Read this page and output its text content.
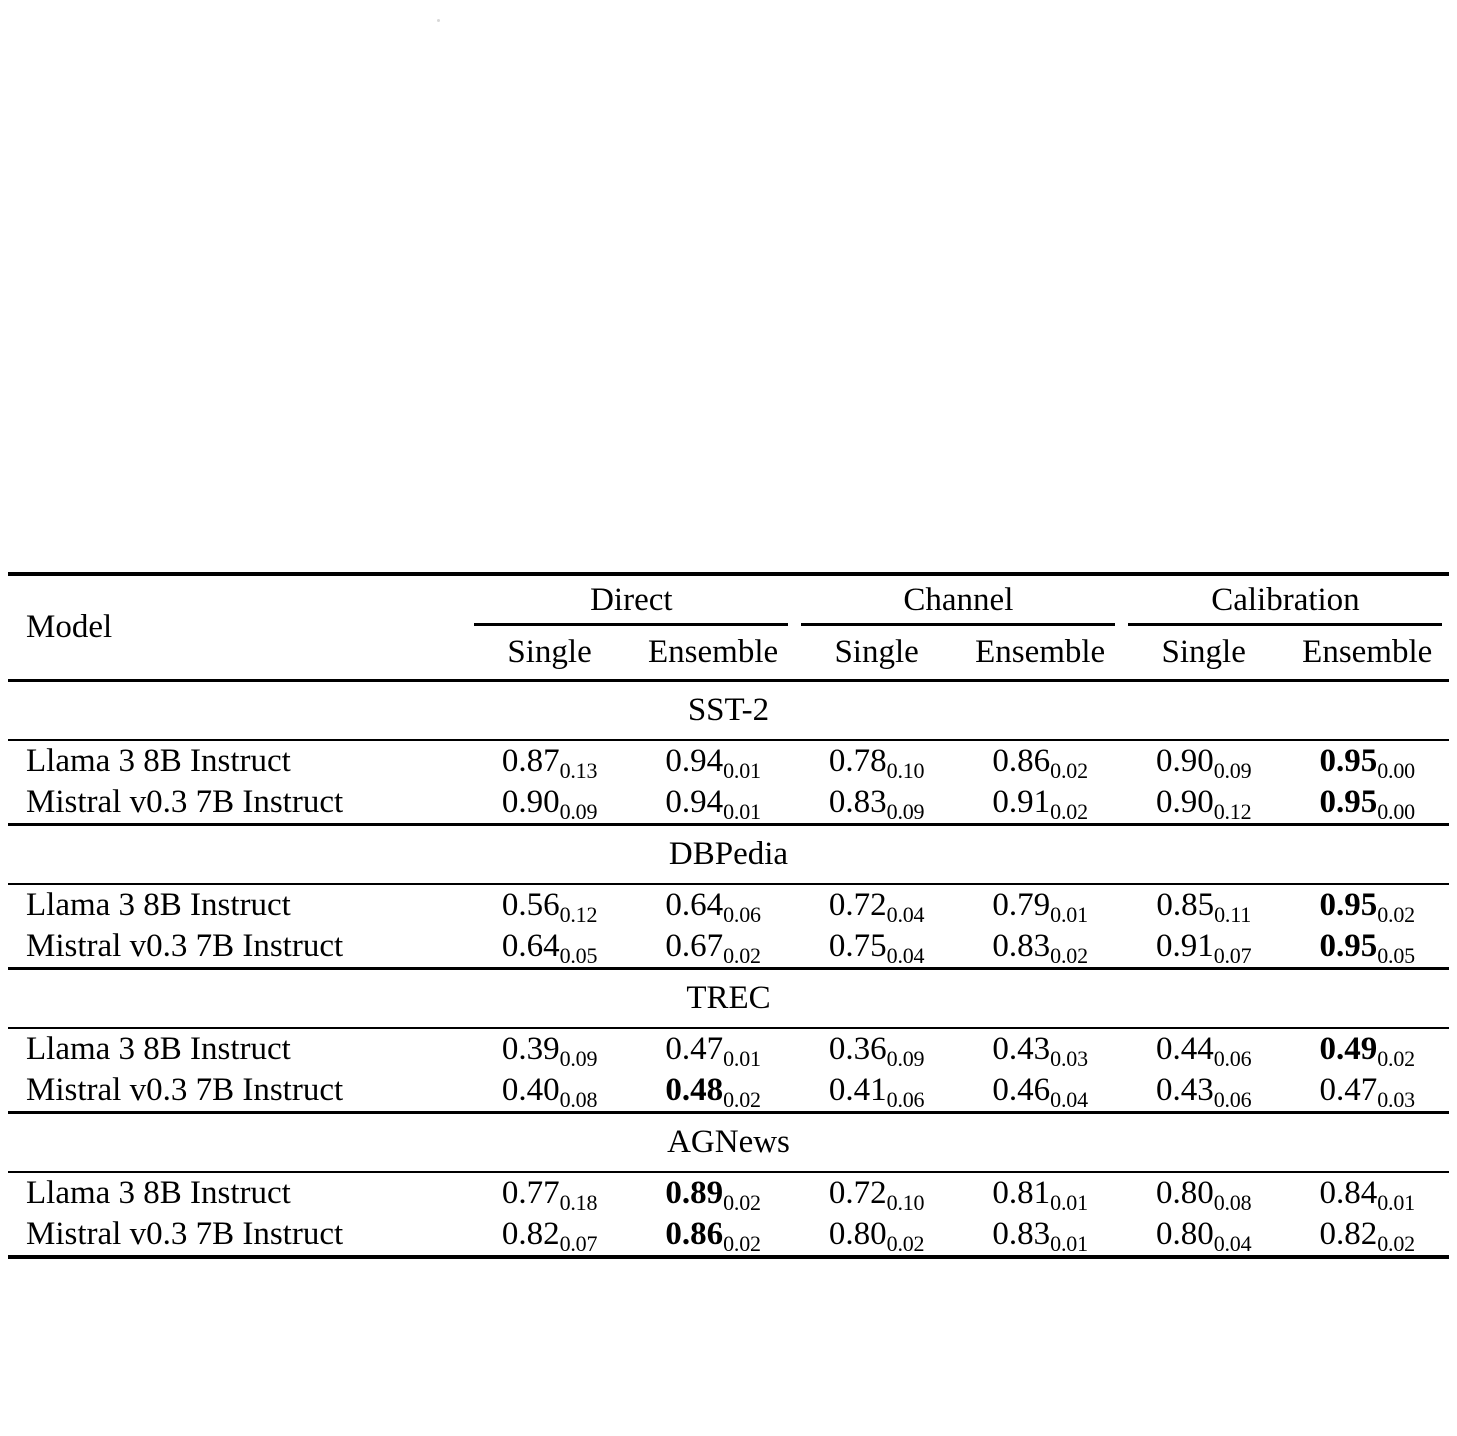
Model	Direct		Channel		Calibration	

	Single	Ensemble	Single	Ensemble	Single	Ensemble

SST-2						

Llama 3 8B Instruct	$0.87_{0.13}$	$0.94_{0.01}$	$0.78_{0.10}$	$0.86_{0.02}$	$0.90_{0.09}$	$0.95_{0.00}$
Mistral v0.3 7B Instruct	$0.90_{0.09}$	$0.94_{0.01}$	$0.83_{0.09}$	$0.91_{0.02}$	$0.90_{0.12}$	$0.95_{0.00}$

DBPedia						

Llama 3 8B Instruct	$0.56_{0.12}$	$0.64_{0.06}$	$0.72_{0.04}$	$0.79_{0.01}$	$0.85_{0.11}$	$0.95_{0.02}$
Mistral v0.3 7B Instruct	$0.64_{0.05}$	$0.67_{0.02}$	$0.75_{0.04}$	$0.83_{0.02}$	$0.91_{0.07}$	$0.95_{0.05}$

TREC						

Llama 3 8B Instruct	$0.39_{0.09}$	$0.47_{0.01}$	$0.36_{0.09}$	$0.43_{0.03}$	$0.44_{0.06}$	$0.49_{0.02}$
Mistral v0.3 7B Instruct	$0.40_{0.08}$	$0.48_{0.02}$	$0.41_{0.06}$	$0.46_{0.04}$	$0.43_{0.06}$	$0.47_{0.03}$

AGNews						

Llama 3 8B Instruct	$0.77_{0.18}$	$0.89_{0.02}$	$0.72_{0.10}$	$0.81_{0.01}$	$0.80_{0.08}$	$0.84_{0.01}$
Mistral v0.3 7B Instruct	$0.82_{0.07}$	$0.86_{0.02}$	$0.80_{0.02}$	$0.83_{0.01}$	$0.80_{0.04}$	$0.82_{0.02}$
